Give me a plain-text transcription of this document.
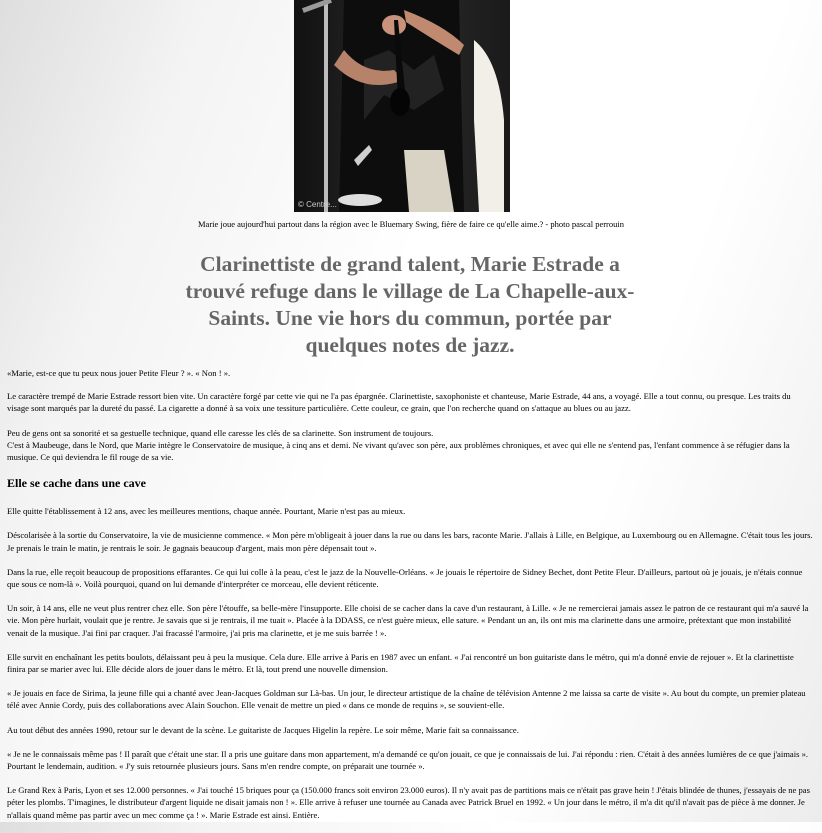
© Centre...
Marie joue aujourd'hui partout dans la région avec le Bluemary Swing, fière de faire ce qu'elle aime.? - photo pascal perrouin
Clarinettiste de grand talent, Marie Estrade a trouvé refuge dans le village de La Chapelle-aux-Saints. Une vie hors du commun, portée par quelques notes de jazz.

«Marie, est-ce que tu peux nous jouer Petite Fleur ? ». « Non ! ».

Le caractère trempé de Marie Estrade ressort bien vite. Un caractère forgé par cette vie qui ne l'a pas épargnée. Clarinettiste, saxophoniste et chanteuse, Marie Estrade, 44 ans, a voyagé. Elle a tout connu, ou presque. Les traits du visage sont marqués par la dureté du passé. La cigarette a donné à sa voix une tessiture particulière. Cette couleur, ce grain, que l'on recherche quand on s'attaque au blues ou au jazz.

Peu de gens ont sa sonorité et sa gestuelle technique, quand elle caresse les clés de sa clarinette. Son instrument de toujours.

C'est à Maubeuge, dans le Nord, que Marie intègre le Conservatoire de musique, à cinq ans et demi. Ne vivant qu'avec son père, aux problèmes chroniques, et avec qui elle ne s'entend pas, l'enfant commence à se réfugier dans la musique. Ce qui deviendra le fil rouge de sa vie.

Elle se cache dans une cave

Elle quitte l'établissement à 12 ans, avec les meilleures mentions, chaque année. Pourtant, Marie n'est pas au mieux.

Déscolarisée à la sortie du Conservatoire, la vie de musicienne commence. « Mon père m'obligeait à jouer dans la rue ou dans les bars, raconte Marie. J'allais à Lille, en Belgique, au Luxembourg ou en Allemagne. C'était tous les jours. Je prenais le train le matin, je rentrais le soir. Je gagnais beaucoup d'argent, mais mon père dépensait tout ».

Dans la rue, elle reçoit beaucoup de propositions effarantes. Ce qui lui colle à la peau, c'est le jazz de la Nouvelle-Orléans. « Je jouais le répertoire de Sidney Bechet, dont Petite Fleur. D'ailleurs, partout où je jouais, je n'étais connue que sous ce nom-là ». Voilà pourquoi, quand on lui demande d'interpréter ce morceau, elle devient réticente.

Un soir, à 14 ans, elle ne veut plus rentrer chez elle. Son père l'étouffe, sa belle-mère l'insupporte. Elle choisi de se cacher dans la cave d'un restaurant, à Lille. « Je ne remercierai jamais assez le patron de ce restaurant qui m'a sauvé la vie. Mon père hurlait, voulait que je rentre. Je savais que si je rentrais, il me tuait ». Placée à la DDASS, ce n'est guère mieux, elle sature. « Pendant un an, ils ont mis ma clarinette dans une armoire, prétextant que mon instabilité venait de la musique. J'ai fini par craquer. J'ai fracassé l'armoire, j'ai pris ma clarinette, et je me suis barrée ! ».

Elle survit en enchaînant les petits boulots, délaissant peu à peu la musique. Cela dure. Elle arrive à Paris en 1987 avec un enfant. « J'ai rencontré un bon guitariste dans le métro, qui m'a donné envie de rejouer ». Et la clarinettiste finira par se marier avec lui. Elle décide alors de jouer dans le métro. Et là, tout prend une nouvelle dimension.

« Je jouais en face de Sirima, la jeune fille qui a chanté avec Jean-Jacques Goldman sur Là-bas. Un jour, le directeur artistique de la chaîne de télévision Antenne 2 me laissa sa carte de visite ». Au bout du compte, un premier plateau télé avec Annie Cordy, puis des collaborations avec Alain Souchon. Elle venait de mettre un pied « dans ce monde de requins », se souvient-elle.

Au tout début des années 1990, retour sur le devant de la scène. Le guitariste de Jacques Higelin la repère. Le soir même, Marie fait sa connaissance.

« Je ne le connaissais même pas ! Il paraît que c'était une star. Il a pris une guitare dans mon appartement, m'a demandé ce qu'on jouait, ce que je connaissais de lui. J'ai répondu : rien. C'était à des années lumières de ce que j'aimais ». Pourtant le lendemain, audition. « J'y suis retournée plusieurs jours. Sans m'en rendre compte, on préparait une tournée ».

Le Grand Rex à Paris, Lyon et ses 12.000 personnes. « J'ai touché 15 briques pour ça (150.000 francs soit environ 23.000 euros). Il n'y avait pas de partitions mais ce n'était pas grave hein ! J'étais blindée de thunes, j'essayais de ne pas péter les plombs. T'imagines, le distributeur d'argent liquide ne disait jamais non ! ». Elle arrive à refuser une tournée au Canada avec Patrick Bruel en 1992. « Un jour dans le métro, il m'a dit qu'il n'avait pas de pièce à me donner. Je n'allais quand même pas partir avec un mec comme ça ! ». Marie Estrade est ainsi. Entière.
